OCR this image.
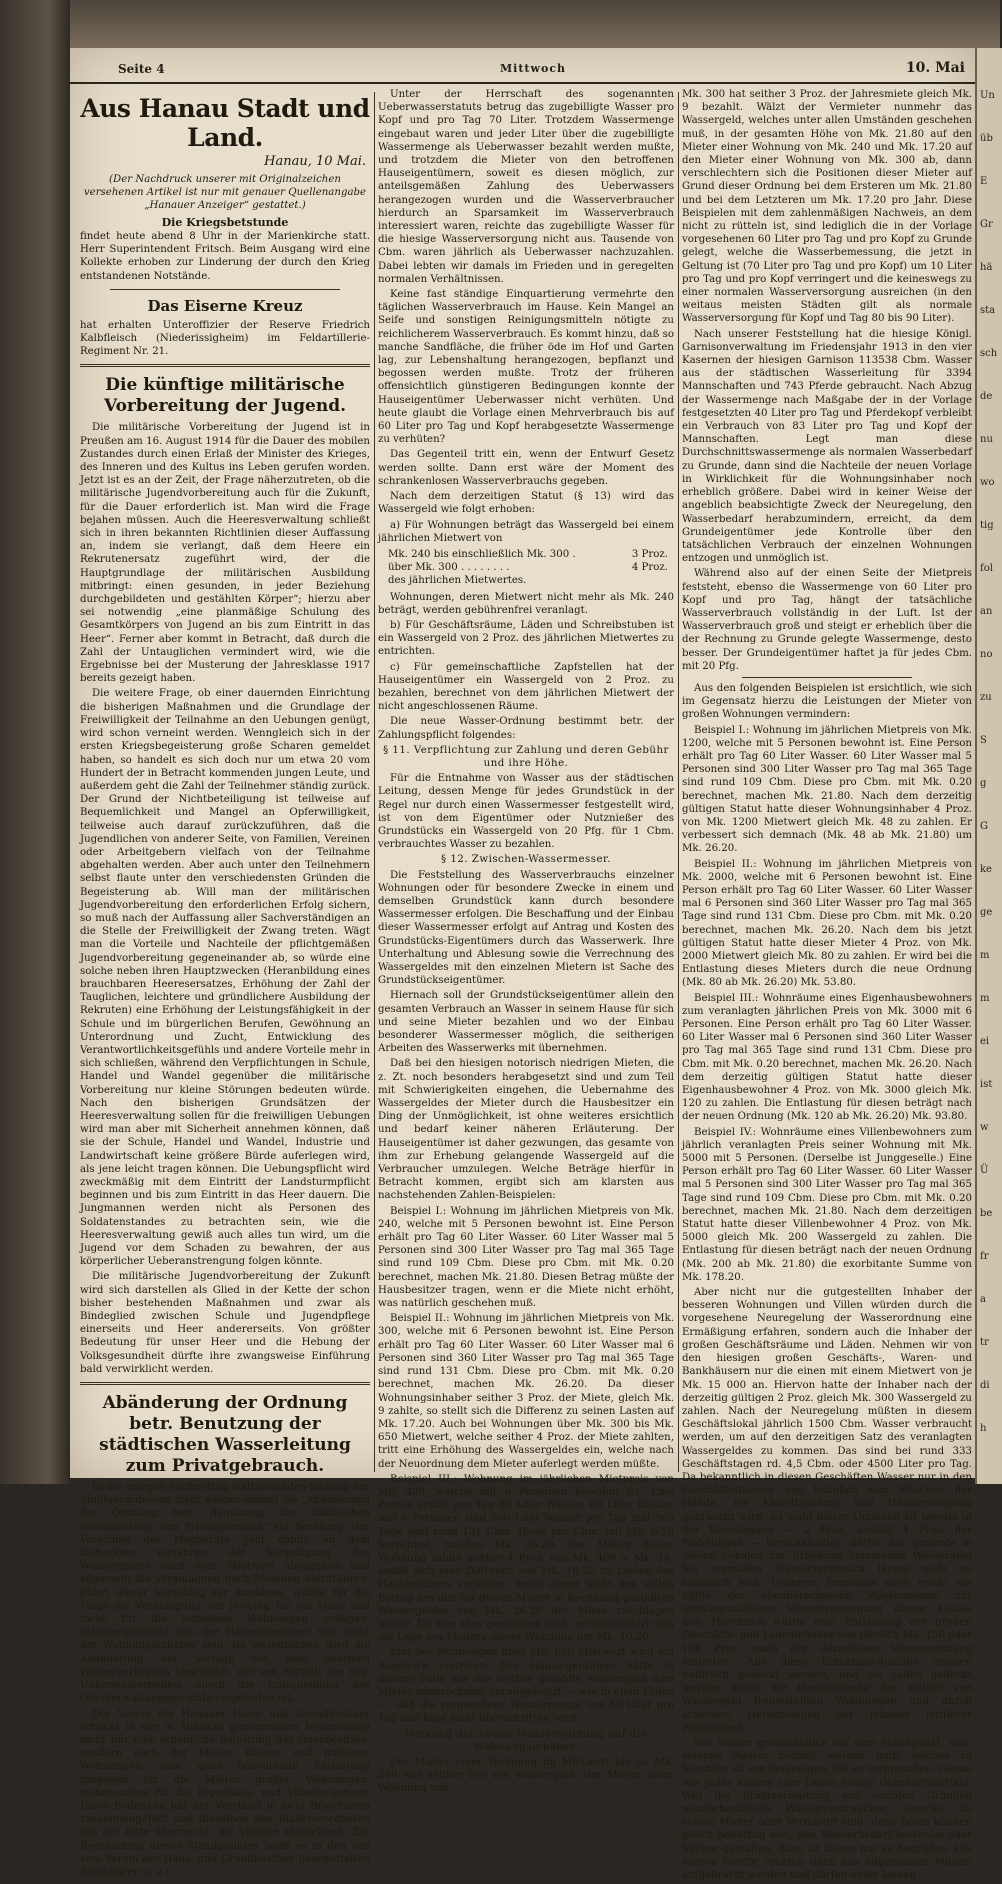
Seite 4	Mittwoch	10. Mai
Aus Hanau Stadt und Land.
Hanau, 10 Mai.
(Der Nachdruck unserer mit Originalzeichen versehenen Artikel ist nur mit genauer Quellenangabe „Hanauer Anzeiger“ gestattet.)
Die Kriegsbetstunde

findet heute abend 8 Uhr in der Marienkirche statt. Herr Superintendent Fritsch. Beim Ausgang wird eine Kollekte erhoben zur Linderung der durch den Krieg entstandenen Notstände.

Das Eiserne Kreuz

hat erhalten Unteroffizier der Reserve Friedrich Kalbfleisch (Niederissigheim) im Feldartillerie-Regiment Nr. 21.

Die künftige militärische Vorbereitung der Jugend.

Die militärische Vorbereitung der Jugend ist in Preußen am 16. August 1914 für die Dauer des mobilen Zustandes durch einen Erlaß der Minister des Krieges, des Inneren und des Kultus ins Leben gerufen worden. Jetzt ist es an der Zeit, der Frage näherzutreten, ob die militärische Jugendvorbereitung auch für die Zukunft, für die Dauer erforderlich ist. Man wird die Frage bejahen müssen. Auch die Heeresverwaltung schließt sich in ihren bekannten Richtlinien dieser Auffassung an, indem sie verlangt, daß dem Heere ein Rekrutenersatz zugeführt wird, der die Hauptgrundlage der militärischen Ausbildung mitbringt: einen gesunden, in jeder Beziehung durchgebildeten und gestählten Körper“; hierzu aber sei notwendig „eine planmäßige Schulung des Gesamtkörpers von Jugend an bis zum Eintritt in das Heer“. Ferner aber kommt in Betracht, daß durch die Zahl der Untauglichen vermindert wird, wie die Ergebnisse bei der Musterung der Jahresklasse 1917 bereits gezeigt haben.

Die weitere Frage, ob einer dauernden Einrichtung die bisherigen Maßnahmen und die Grundlage der Freiwilligkeit der Teilnahme an den Uebungen genügt, wird schon verneint werden. Wenngleich sich in der ersten Kriegsbegeisterung große Scharen gemeldet haben, so handelt es sich doch nur um etwa 20 vom Hundert der in Betracht kommenden jungen Leute, und außerdem geht die Zahl der Teilnehmer ständig zurück. Der Grund der Nichtbeteiligung ist teilweise auf Bequemlichkeit und Mangel an Opferwilligkeit, teilweise auch darauf zurückzuführen, daß die Jugendlichen von anderer Seite, von Familien, Vereinen oder Arbeitgebern vielfach von der Teilnahme abgehalten werden. Aber auch unter den Teilnehmern selbst flaute unter den verschiedensten Gründen die Begeisterung ab. Will man der militärischen Jugendvorbereitung den erforderlichen Erfolg sichern, so muß nach der Auffassung aller Sachverständigen an die Stelle der Freiwilligkeit der Zwang treten. Wägt man die Vorteile und Nachteile der pflichtgemäßen Jugendvorbereitung gegeneinander ab, so würde eine solche neben ihren Hauptzwecken (Heranbildung eines brauchbaren Heeresersatzes, Erhöhung der Zahl der Tauglichen, leichtere und gründlichere Ausbildung der Rekruten) eine Erhöhung der Leistungsfähigkeit in der Schule und im bürgerlichen Berufen, Gewöhnung an Unterordnung und Zucht, Entwicklung des Verantwortlichkeitsgefühls und andere Vorteile mehr in sich schließen, während den Verpflichtungen in Schule, Handel und Wandel gegenüber die militärische Vorbereitung nur kleine Störungen bedeuten würde. Nach den bisherigen Grundsätzen der Heeresverwaltung sollen für die freiwilligen Uebungen wird man aber mit Sicherheit annehmen können, daß sie der Schule, Handel und Wandel, Industrie und Landwirtschaft keine größere Bürde auferlegen wird, als jene leicht tragen können. Die Uebungspflicht wird zweckmäßig mit dem Eintritt der Landsturmpflicht beginnen und bis zum Eintritt in das Heer dauern. Die Jungmannen werden nicht als Personen des Soldatenstandes zu betrachten sein, wie die Heeresverwaltung gewiß auch alles tun wird, um die Jugend vor dem Schaden zu bewahren, der aus körperlicher Ueberanstrengung folgen könnte.

Die militärische Jugendvorbereitung der Zukunft wird sich darstellen als Glied in der Kette der schon bisher bestehenden Maßnahmen und zwar als Bindeglied zwischen Schule und Jugendpflege einerseits und Heer andererseits. Von größter Bedeutung für unser Heer und die Hebung der Volksgesundheit dürfte ihre zwangsweise Einführung bald verwirklicht werden.

Abänderung der Ordnung betr. Benutzung der städtischen Wasserleitung zum Privatgebrauch.

In der morgen nachmittag stattfindenden Sitzung der Stadtverordneten steht wieder einmal die „Abänderung der Ordnung betr. Benutzung der städtischen Wasserleitung zum Privatgebrauch“ zur Beratung. Der Vorschlag des Magistrats geht dahin, an dem bisherigen Verfahren der Veranlagung des Wassergeldes nach dem Mietwert abzugehen und allgemein die Veranlagung nach Messung einzuführen. Führt dieser Vorschlag zur Annahme, würde für die Folge die Veranlagung nur jeweilig für ein Haus und nicht für die einzelnen Wohnungen erfolgen, zahlungspflichtig also der Hauseigentümer und nicht der Wohnungsinhaber sein. Im wesentlichen wird die Abänderung der Vorlage mit dem enormen Wasserverbrauch begründet, der seit Fortfall des sog. Ueberwassergeldes durch die Entscheidung des Oberverwaltungsgerichts eingetreten ist.

Der Verein der Hanauer Haus- und Grundbesitzer erblickt in der in Aussicht genommenen Neuordnung nicht nur eine erhebliche Belastung des Hausbesitzes, sondern auch der Mieter kleiner und mittlerer Wohnungen; eine ganz bedeutende Entlastung hingegen für die Mieter großer Wohnungen, insbesondere für die Eigenhaus- und Villenbewohner. Diese Bedenken hat der Vorstand in zwei Broschüren zusammengefaßt und dieselben den Stadtverordneten mit der Bitte überreicht, die Vorlage abzulehnen. Zur Begründung dieses Standpunktes heißt es in den uns vom Verein der Haus- und Grundbesitzer übermittelten Broschüren u. a.:

Unter der Herrschaft des sogenannten Ueberwasserstatuts betrug das zugebilligte Wasser pro Kopf und pro Tag 70 Liter. Trotzdem Wassermenge eingebaut waren und jeder Liter über die zugebilligte Wassermenge als Ueberwasser bezahlt werden mußte, und trotzdem die Mieter von den betroffenen Hauseigentümern, soweit es diesen möglich, zur anteilsgemäßen Zahlung des Ueberwassers herangezogen wurden und die Wasserverbraucher hierdurch an Sparsamkeit im Wasserverbrauch interessiert waren, reichte das zugebilligte Wasser für die hiesige Wasserversorgung nicht aus. Tausende von Cbm. waren jährlich als Ueberwasser nachzuzahlen. Dabei lebten wir damals im Frieden und in geregelten normalen Verhältnissen.

Keine fast ständige Einquartierung vermehrte den täglichen Wasserverbrauch im Hause. Kein Mangel an Seife und sonstigen Reinigungsmitteln nötigte zu reichlicherem Wasserverbrauch. Es kommt hinzu, daß so manche Sandfläche, die früher öde im Hof und Garten lag, zur Lebenshaltung herangezogen, bepflanzt und begossen werden mußte. Trotz der früheren offensichtlich günstigeren Bedingungen konnte der Hauseigentümer Ueberwasser nicht verhüten. Und heute glaubt die Vorlage einen Mehrverbrauch bis auf 60 Liter pro Tag und Kopf herabgesetzte Wassermenge zu verhüten?

Das Gegenteil tritt ein, wenn der Entwurf Gesetz werden sollte. Dann erst wäre der Moment des schrankenlosen Wasserverbrauchs gegeben.

Nach dem derzeitigen Statut (§ 13) wird das Wassergeld wie folgt erhoben:

a) Für Wohnungen beträgt das Wassergeld bei einem jährlichen Mietwert von

Mk. 240 bis einschließlich Mk. 300 .	3 Proz.
über Mk. 300 . . . . . . . .	4 Proz.
des jährlichen Mietwertes.

Wohnungen, deren Mietwert nicht mehr als Mk. 240 beträgt, werden gebührenfrei veranlagt.

b) Für Geschäftsräume, Läden und Schreibstuben ist ein Wassergeld von 2 Proz. des jährlichen Mietwertes zu entrichten.

c) Für gemeinschaftliche Zapfstellen hat der Hauseigentümer ein Wassergeld von 2 Proz. zu bezahlen, berechnet von dem jährlichen Mietwert der nicht angeschlossenen Räume.

Die neue Wasser-Ordnung bestimmt betr. der Zahlungspflicht folgendes:

§ 11. Verpflichtung zur Zahlung und deren Gebühr und ihre Höhe.

Für die Entnahme von Wasser aus der städtischen Leitung, dessen Menge für jedes Grundstück in der Regel nur durch einen Wassermesser festgestellt wird, ist von dem Eigentümer oder Nutznießer des Grundstücks ein Wassergeld von 20 Pfg. für 1 Cbm. verbrauchtes Wasser zu bezahlen.

§ 12. Zwischen-Wassermesser.

Die Feststellung des Wasserverbrauchs einzelner Wohnungen oder für besondere Zwecke in einem und demselben Grundstück kann durch besondere Wassermesser erfolgen. Die Beschaffung und der Einbau dieser Wassermesser erfolgt auf Antrag und Kosten des Grundstücks-Eigentümers durch das Wasserwerk. Ihre Unterhaltung und Ablesung sowie die Verrechnung des Wassergeldes mit den einzelnen Mietern ist Sache des Grundstückseigentümer.

Hiernach soll der Grundstückseigentümer allein den gesamten Verbrauch an Wasser in seinem Hause für sich und seine Mieter bezahlen und wo der Einbau besonderer Wassermesser möglich, die seitherigen Arbeiten des Wasserwerks mit übernehmen.

Daß bei den hiesigen notorisch niedrigen Mieten, die z. Zt. noch besonders herabgesetzt sind und zum Teil mit Schwierigkeiten eingehen, die Uebernahme des Wassergeldes der Mieter durch die Hausbesitzer ein Ding der Unmöglichkeit, ist ohne weiteres ersichtlich und bedarf keiner näheren Erläuterung. Der Hauseigentümer ist daher gezwungen, das gesamte von ihm zur Erhebung gelangende Wassergeld auf die Verbraucher umzulegen. Welche Beträge hierfür in Betracht kommen, ergibt sich am klarsten aus nachstehenden Zahlen-Beispielen:

Beispiel I.: Wohnung im jährlichen Mietpreis von Mk. 240, welche mit 5 Personen bewohnt ist. Eine Person erhält pro Tag 60 Liter Wasser. 60 Liter Wasser mal 5 Personen sind 300 Liter Wasser pro Tag mal 365 Tage sind rund 109 Cbm. Diese pro Cbm. mit Mk. 0.20 berechnet, machen Mk. 21.80. Diesen Betrag müßte der Hausbesitzer tragen, wenn er die Miete nicht erhöht, was natürlich geschehen muß.

Beispiel II.: Wohnung im jährlichen Mietpreis von Mk. 300, welche mit 6 Personen bewohnt ist. Eine Person erhält pro Tag 60 Liter Wasser. 60 Liter Wasser mal 6 Personen sind 360 Liter Wasser pro Tag mal 365 Tage sind rund 131 Cbm. Diese pro Cbm. mit Mk. 0.20 berechnet, machen Mk. 26.20. Da dieser Wohnungsinhaber seither 3 Proz. der Miete, gleich Mk. 9 zahlte, so stellt sich die Differenz zu seinen Lasten auf Mk. 17.20. Auch bei Wohnungen über Mk. 300 bis Mk. 650 Mietwert, welche seither 4 Proz. der Miete zahlten, tritt eine Erhöhung des Wassergeldes ein, welche nach der Neuordnung dem Mieter auferlegt werden müßte.

Beispiel III.: Wohnung im jährlichen Mietpreis von Mk. 400, welche mit 6 Personen bewohnt ist. Eine Person erhält pro Tag 60 Liter Wasser. 60 Liter Wasser mal 6 Personen sind 360 Liter Wasser pro Tag mal 365 Tage sind rund 131 Cbm. Diese pro Cbm. mit Mk. 0.20 berechnet, machen Mk. 26.20. Der Mieter dieser Wohnung zahlte seither 4 Proz. von Mk. 400 = Mk. 16, sodaß sich eine Differenz von Mk. 10.20 zu Lasten des Hausbesitzers verbliebe, wenn dieser nicht den vollen Betrag des ihm für diesen Mieter in Rechnung gestellten Wassergeldes von Mk. 26.20 der Miete zuschlagen würde. Da dies aber geschehen muß, verschlechtert sich die Lage des Mieters dieser Wohnung um Mk. 10.20.

Erst bei Wohnungen über Mk. 650 Mietwert wird ein Ausgleich eintreten. Der Hauseigentümer hätte in diesem Falle nur das seither gezahlte Wassergeld dem Mieter anzurechnen, vorausgesetzt — wie in allen Fällen —, daß die vorgesehene Wassermenge von 60 Liter pro Tag und Kopf nicht überschritten wird.

Wirkung der neuen Wasserordnung auf die Wohnungsinhaber.

Der Mieter einer Wohnung im Mietwert bis zu Mk. 240 war seither frei von Wassergeld. Der Mieter einer Wohnung von

Mk. 300 hat seither 3 Proz. der Jahresmiete gleich Mk. 9 bezahlt. Wälzt der Vermieter nunmehr das Wassergeld, welches unter allen Umständen geschehen muß, in der gesamten Höhe von Mk. 21.80 auf den Mieter einer Wohnung von Mk. 240 und Mk. 17.20 auf den Mieter einer Wohnung von Mk. 300 ab, dann verschlechtern sich die Positionen dieser Mieter auf Grund dieser Ordnung bei dem Ersteren um Mk. 21.80 und bei dem Letzteren um Mk. 17.20 pro Jahr. Diese Beispielen mit dem zahlenmäßigen Nachweis, an dem nicht zu rütteln ist, sind lediglich die in der Vorlage vorgesehenen 60 Liter pro Tag und pro Kopf zu Grunde gelegt, welche die Wasserbemessung, die jetzt in Geltung ist (70 Liter pro Tag und pro Kopf) um 10 Liter pro Tag und pro Kopf verringert und die keineswegs zu einer normalen Wasserversorgung ausreichen (in den weitaus meisten Städten gilt als normale Wasserversorgung für Kopf und Tag 80 bis 90 Liter).

Nach unserer Feststellung hat die hiesige Königl. Garnisonverwaltung im Friedensjahr 1913 in den vier Kasernen der hiesigen Garnison 113538 Cbm. Wasser aus der städtischen Wasserleitung für 3394 Mannschaften und 743 Pferde gebraucht. Nach Abzug der Wassermenge nach Maßgabe der in der Vorlage festgesetzten 40 Liter pro Tag und Pferdekopf verbleibt ein Verbrauch von 83 Liter pro Tag und Kopf der Mannschaften. Legt man diese Durchschnittswassermenge als normalen Wasserbedarf zu Grunde, dann sind die Nachteile der neuen Vorlage in Wirklichkeit für die Wohnungsinhaber noch erheblich größere. Dabei wird in keiner Weise der angeblich beabsichtigte Zweck der Neuregelung, den Wasserbedarf herabzumindern, erreicht, da dem Grundeigentümer jede Kontrolle über den tatsächlichen Verbrauch der einzelnen Wohnungen entzogen und unmöglich ist.

Während also auf der einen Seite der Mietpreis feststeht, ebenso die Wassermenge von 60 Liter pro Kopf und pro Tag, hängt der tatsächliche Wasserverbrauch vollständig in der Luft. Ist der Wasserverbrauch groß und steigt er erheblich über die der Rechnung zu Grunde gelegte Wassermenge, desto besser. Der Grundeigentümer haftet ja für jedes Cbm. mit 20 Pfg.

Aus den folgenden Beispielen ist ersichtlich, wie sich im Gegensatz hierzu die Leistungen der Mieter von großen Wohnungen vermindern:

Beispiel I.: Wohnung im jährlichen Mietpreis von Mk. 1200, welche mit 5 Personen bewohnt ist. Eine Person erhält pro Tag 60 Liter Wasser. 60 Liter Wasser mal 5 Personen sind 300 Liter Wasser pro Tag mal 365 Tage sind rund 109 Cbm. Diese pro Cbm. mit Mk. 0.20 berechnet, machen Mk. 21.80. Nach dem derzeitig gültigen Statut hatte dieser Wohnungsinhaber 4 Proz. von Mk. 1200 Mietwert gleich Mk. 48 zu zahlen. Er verbessert sich demnach (Mk. 48 ab Mk. 21.80) um Mk. 26.20.

Beispiel II.: Wohnung im jährlichen Mietpreis von Mk. 2000, welche mit 6 Personen bewohnt ist. Eine Person erhält pro Tag 60 Liter Wasser. 60 Liter Wasser mal 6 Personen sind 360 Liter Wasser pro Tag mal 365 Tage sind rund 131 Cbm. Diese pro Cbm. mit Mk. 0.20 berechnet, machen Mk. 26.20. Nach dem bis jetzt gültigen Statut hatte dieser Mieter 4 Proz. von Mk. 2000 Mietwert gleich Mk. 80 zu zahlen. Er wird bei die Entlastung dieses Mieters durch die neue Ordnung (Mk. 80 ab Mk. 26.20) Mk. 53.80.

Beispiel III.: Wohnräume eines Eigenhausbewohners zum veranlagten jährlichen Preis von Mk. 3000 mit 6 Personen. Eine Person erhält pro Tag 60 Liter Wasser. 60 Liter Wasser mal 6 Personen sind 360 Liter Wasser pro Tag mal 365 Tage sind rund 131 Cbm. Diese pro Cbm. mit Mk. 0.20 berechnet, machen Mk. 26.20. Nach dem derzeitig gültigen Statut hatte dieser Eigenhausbewohner 4 Proz. von Mk. 3000 gleich Mk. 120 zu zahlen. Die Entlastung für diesen beträgt nach der neuen Ordnung (Mk. 120 ab Mk. 26.20) Mk. 93.80.

Beispiel IV.: Wohnräume eines Villenbewohners zum jährlich veranlagten Preis seiner Wohnung mit Mk. 5000 mit 5 Personen. (Derselbe ist Junggeselle.) Eine Person erhält pro Tag 60 Liter Wasser. 60 Liter Wasser mal 5 Personen sind 300 Liter Wasser pro Tag mal 365 Tage sind rund 109 Cbm. Diese pro Cbm. mit Mk. 0.20 berechnet, machen Mk. 21.80. Nach dem derzeitigen Statut hatte dieser Villenbewohner 4 Proz. von Mk. 5000 gleich Mk. 200 Wassergeld zu zahlen. Die Entlastung für diesen beträgt nach der neuen Ordnung (Mk. 200 ab Mk. 21.80) die exorbitante Summe von Mk. 178.20.

Aber nicht nur die gutgestellten Inhaber der besseren Wohnungen und Villen würden durch die vorgesehene Neuregelung der Wasserordnung eine Ermäßigung erfahren, sondern auch die Inhaber der großen Geschäftsräume und Läden. Nehmen wir von den hiesigen großen Geschäfts-, Waren- und Bankhäusern nur die einen mit einem Mietwert von je Mk. 15 000 an. Hiervon hatte der Inhaber nach der derzeitig gültigen 2 Proz. gleich Mk. 300 Wassergeld zu zahlen. Nach der Neuregelung müßten in diesem Geschäftslokal jährlich 1500 Cbm. Wasser verbraucht werden, um auf den derzeitigen Satz des veranlagten Wassergeldes zu kommen. Das sind bei rund 333 Geschäftstagen rd. 4,5 Cbm. oder 4500 Liter pro Tag. Da bekanntlich in diesen Geschäften Wasser nur in den Geschäftsstunden und lediglich zum Waschen der Hände, für Klosettspülung und Händereinigung gebraucht wird, ist wohl dieser Umstand ist bereits in der Veranlagung — 2 Proz. anstatt 4 Proz. der Wohnungen — berücksichtigt, dürfte das gesamte in diesen Lokalen zur Erhebung kommende Wassergeld bei normalem Wasserverbrauch längst nicht so erheblich sein. Unserem Ermessen nach reicht nie hälfte der obenberechneten Wassermenge zur ordnungsmäßigen Wasserversorgung dieser Lokale aus. Hierdurch würde eine Entlastung der großen Geschäfts- und Ladeninhaber von jährlich Mk. 150 oder 100 Proz. nach der derzeitigen Wasserordnung eintreten. Alle diese Einnahme-Ausfälle müssen notürlich gedeckt werden, und sie sollen gedeckt werden durch die Heranziehung der seither von Wassergeld freigestellten Wohnungen und durch schärfere Heranziehung der Inhaber mittlerer Wohnungen.

Wir stehen grundsätzlich auf dem Standpunkt, daß, solange Wasser bezahlt werden muß, solches zu bezahlen ist von denjenigen, die es verbrauchen. Genau wie jeder andere zum Leben nötige Gebrauchsartikel. Will die Stadtverwaltung aus sozialen Gründen minderbemittelte Wasserverbraucher, einerlei, ob solche Mieter oder Vermieter sind, denn beide können gleich bedürftig sein, den Wasserbedarf kostenlos oder billiger gestalten, dann ist dieses nur zu begrüßen. Die Kosten hierfür müßten dann aus allgemeinen Mitteln aufgebracht werden und dürfen unter keinen

Un
üb
E
Gr
hä
sta
sch
de
nu
wo
tig
fol
an
no
zu
S
g
G
ke
ge
m
m
ei
ist
w
Ü
be
fr
a
tr
di
h
